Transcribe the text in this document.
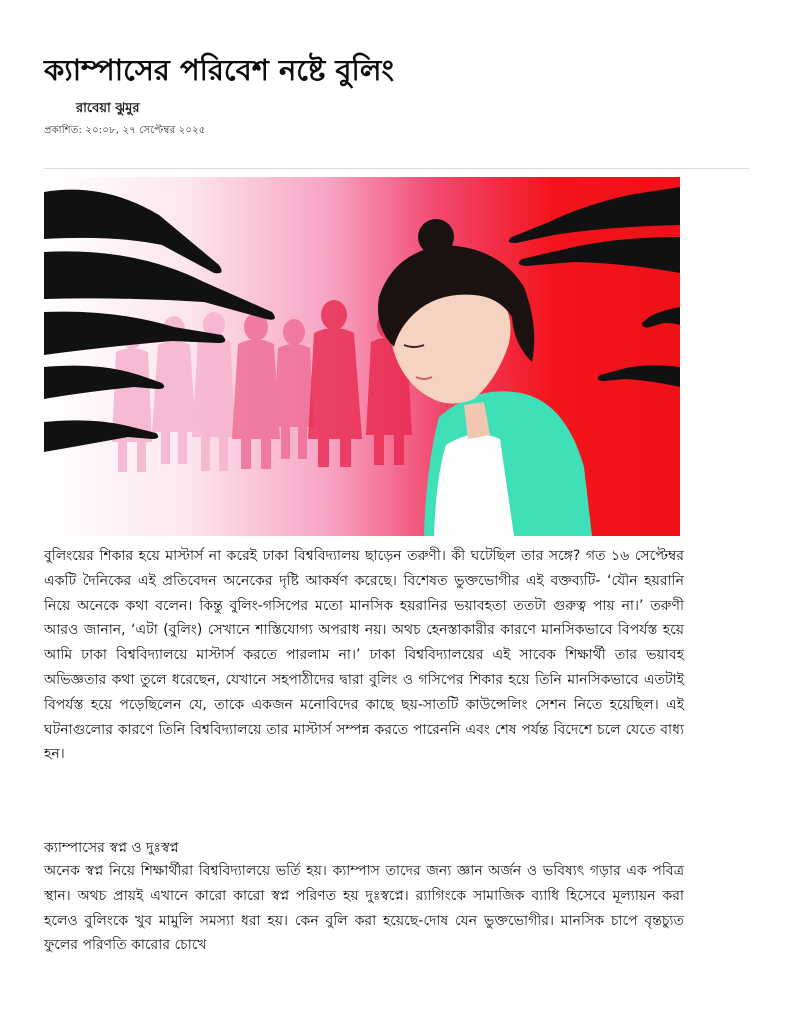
ক্যাম্পাসের পরিবেশ নষ্টে বুলিং
রাবেয়া ঝুমুর
প্রকাশিত: ২০:০৮, ২৭ সেপ্টেম্বর ২০২৫

বুলিংয়ের শিকার হয়ে মাস্টার্স না করেই ঢাকা বিশ্ববিদ্যালয় ছাড়েন তরুণী। কী ঘটেছিল তার সঙ্গে? গত ১৬ সেপ্টেম্বর একটি দৈনিকের এই প্রতিবেদন অনেকের দৃষ্টি আকর্ষণ করেছে। বিশেষত ভুক্তভোগীর এই বক্তব্যটি- ‘যৌন হয়রানি নিয়ে অনেকে কথা বলেন। কিন্তু বুলিং-গসিপের মতো মানসিক হয়রানির ভয়াবহতা ততটা গুরুত্ব পায় না।’ তরুণী আরও জানান, ‘এটা (বুলিং) সেখানে শাস্তিযোগ্য অপরাধ নয়। অথচ হেনস্তাকারীর কারণে মানসিকভাবে বিপর্যস্ত হয়ে আমি ঢাকা বিশ্ববিদ্যালয়ে মাস্টার্স করতে পারলাম না।’ ঢাকা বিশ্ববিদ্যালয়ের এই সাবেক শিক্ষার্থী তার ভয়াবহ অভিজ্ঞতার কথা তুলে ধরেছেন, যেখানে সহপাঠীদের দ্বারা বুলিং ও গসিপের শিকার হয়ে তিনি মানসিকভাবে এতটাই বিপর্যস্ত হয়ে পড়েছিলেন যে, তাকে একজন মনোবিদের কাছে ছয়-সাতটি কাউন্সেলিং সেশন নিতে হয়েছিল। এই ঘটনাগুলোর কারণে তিনি বিশ্ববিদ্যালয়ে তার মাস্টার্স সম্পন্ন করতে পারেননি এবং শেষ পর্যন্ত বিদেশে চলে যেতে বাধ্য হন।

ক্যাম্পাসের স্বপ্ন ও দুঃস্বপ্ন

অনেক স্বপ্ন নিয়ে শিক্ষার্থীরা বিশ্ববিদ্যালয়ে ভর্তি হয়। ক্যাম্পাস তাদের জন্য জ্ঞান অর্জন ও ভবিষ্যৎ গড়ার এক পবিত্র স্থান। অথচ প্রায়ই এখানে কারো কারো স্বপ্ন পরিণত হয় দুঃস্বপ্নে। র‍্যাগিংকে সামাজিক ব্যাধি হিসেবে মূল্যায়ন করা হলেও বুলিংকে খুব মামুলি সমস্যা ধরা হয়। কেন বুলি করা হয়েছে-দোষ যেন ভুক্তভোগীর। মানসিক চাপে বৃন্তচ্যুত ফুলের পরিণতি কারোর চোখে
